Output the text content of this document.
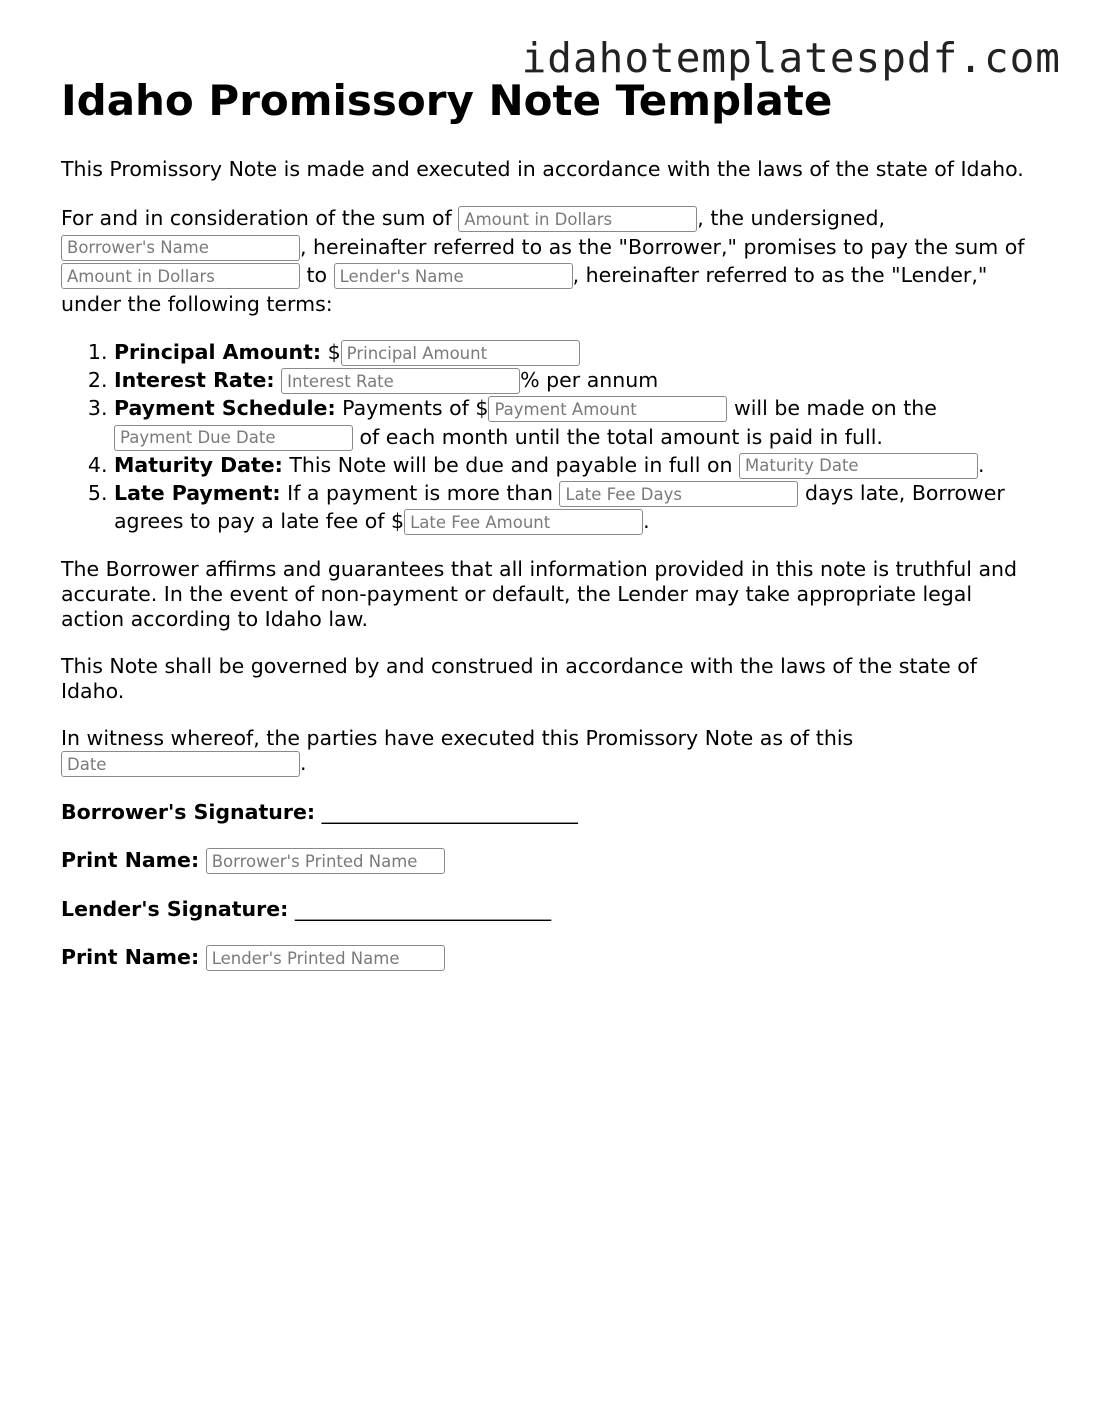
idahotemplatespdf.com
Idaho Promissory Note Template

This Promissory Note is made and executed in accordance with the laws of the state of Idaho.

For and in consideration of the sum of Amount in Dollars	, the undersigned, Borrower's Name, hereinafter referred to as the "Borrower," promises to pay the sum of Amount in Dollars to Lender's Name	, hereinafter referred to as the "Lender," under the following terms:

1. Principal Amount: $Principal Amount
2. Interest Rate: Interest Rate	% per annum
3. Payment Schedule: Payments of $Payment Amount	will be made on the Payment Due Date of each month until the total amount is paid in full.
4. Maturity Date: This Note will be due and payable in full on Maturity Date	.
5. Late Payment: If a payment is more than Late Fee Days	days late, Borrower agrees to pay a late fee of $Late Fee Amount	.

The Borrower affirms and guarantees that all information provided in this note is truthful and accurate. In the event of non-payment or default, the Lender may take appropriate legal action according to Idaho law.

This Note shall be governed by and construed in accordance with the laws of the state of Idaho.

In witness whereof, the parties have executed this Promissory Note as of this Date.

Borrower's Signature: _________________________
Print Name: Borrower's Printed Name
Lender's Signature: _________________________
Print Name: Lender's Printed Name
